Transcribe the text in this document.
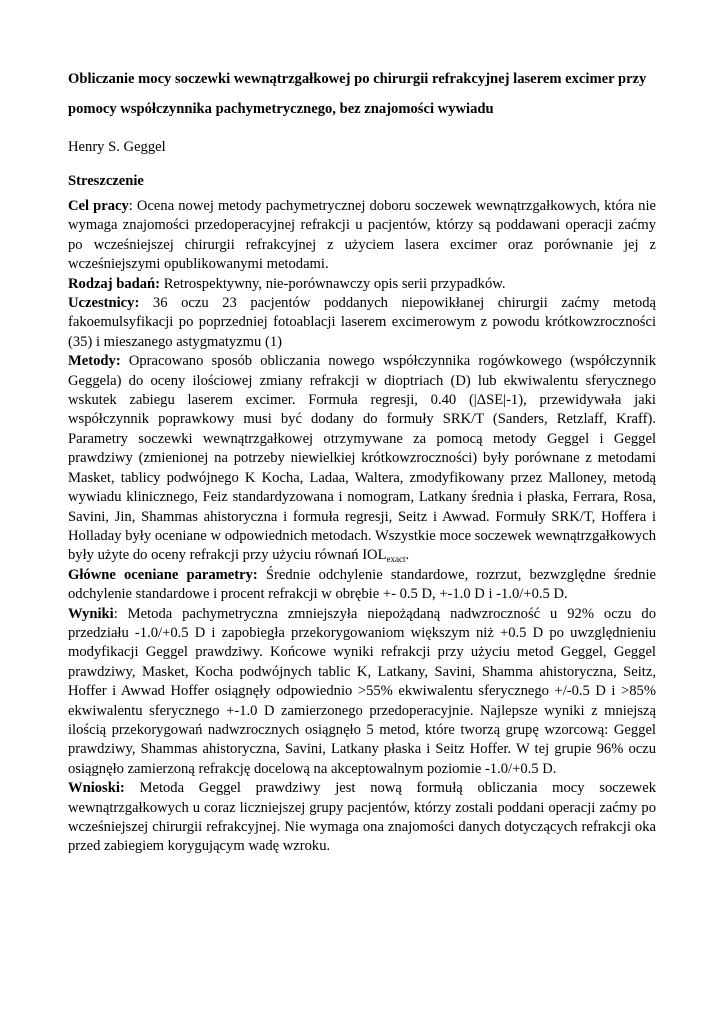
Obliczanie mocy soczewki wewnątrzgałkowej po chirurgii refrakcyjnej laserem excimer przy pomocy współczynnika pachymetrycznego, bez znajomości wywiadu
Henry S. Geggel
Streszczenie

Cel pracy: Ocena nowej metody pachymetrycznej doboru soczewek wewnątrzgałkowych, która nie wymaga znajomości przedoperacyjnej refrakcji u pacjentów, którzy są poddawani operacji zaćmy po wcześniejszej chirurgii refrakcyjnej z użyciem lasera excimer oraz porównanie jej z wcześniejszymi opublikowanymi metodami.

Rodzaj badań: Retrospektywny, nie-porównawczy opis serii przypadków.

Uczestnicy: 36 oczu 23 pacjentów poddanych niepowikłanej chirurgii zaćmy metodą fakoemulsyfikacji po poprzedniej fotoablacji laserem excimerowym z powodu krótkowzroczności (35) i mieszanego astygmatyzmu (1)

Metody: Opracowano sposób obliczania nowego współczynnika rogówkowego (współczynnik Geggela) do oceny ilościowej zmiany refrakcji w dioptriach (D) lub ekwiwalentu sferycznego wskutek zabiegu laserem excimer. Formuła regresji, 0.40 (|ΔSE|-1), przewidywała jaki współczynnik poprawkowy musi być dodany do formuły SRK/T (Sanders, Retzlaff, Kraff). Parametry soczewki wewnątrzgałkowej otrzymywane za pomocą metody Geggel i Geggel prawdziwy (zmienionej na potrzeby niewielkiej krótkowzroczności) były porównane z metodami Masket, tablicy podwójnego K Kocha, Ladaa, Waltera, zmodyfikowany przez Malloney, metodą wywiadu klinicznego, Feiz standardyzowana i nomogram, Latkany średnia i płaska, Ferrara, Rosa, Savini, Jin, Shammas ahistoryczna i formuła regresji, Seitz i Awwad. Formuły SRK/T, Hoffera i Holladay były oceniane w odpowiednich metodach. Wszystkie moce soczewek wewnątrzgałkowych były użyte do oceny refrakcji przy użyciu równań $IOL_{exact}$.

Główne oceniane parametry: Średnie odchylenie standardowe, rozrzut, bezwzględne średnie odchylenie standardowe i procent refrakcji w obrębie +- 0.5 D, +-1.0 D i -1.0/+0.5 D.

Wyniki: Metoda pachymetryczna zmniejszyła niepożądaną nadwzroczność u 92% oczu do przedziału -1.0/+0.5 D i zapobiegła przekorygowaniom większym niż +0.5 D po uwzględnieniu modyfikacji Geggel prawdziwy. Końcowe wyniki refrakcji przy użyciu metod Geggel, Geggel prawdziwy, Masket, Kocha podwójnych tablic K, Latkany, Savini, Shamma ahistoryczna, Seitz, Hoffer i Awwad Hoffer osiągnęły odpowiednio >55% ekwiwalentu sferycznego +/-0.5 D i >85% ekwiwalentu sferycznego +-1.0 D zamierzonego przedoperacyjnie. Najlepsze wyniki z mniejszą ilością przekorygowań nadwzrocznych osiągnęło 5 metod, które tworzą grupę wzorcową: Geggel prawdziwy, Shammas ahistoryczna, Savini, Latkany płaska i Seitz Hoffer. W tej grupie 96% oczu osiągnęło zamierzoną refrakcję docelową na akceptowalnym poziomie -1.0/+0.5 D.

Wnioski: Metoda Geggel prawdziwy jest nową formułą obliczania mocy soczewek wewnątrzgałkowych u coraz liczniejszej grupy pacjentów, którzy zostali poddani operacji zaćmy po wcześniejszej chirurgii refrakcyjnej. Nie wymaga ona znajomości danych dotyczących refrakcji oka przed zabiegiem korygującym wadę wzroku.
